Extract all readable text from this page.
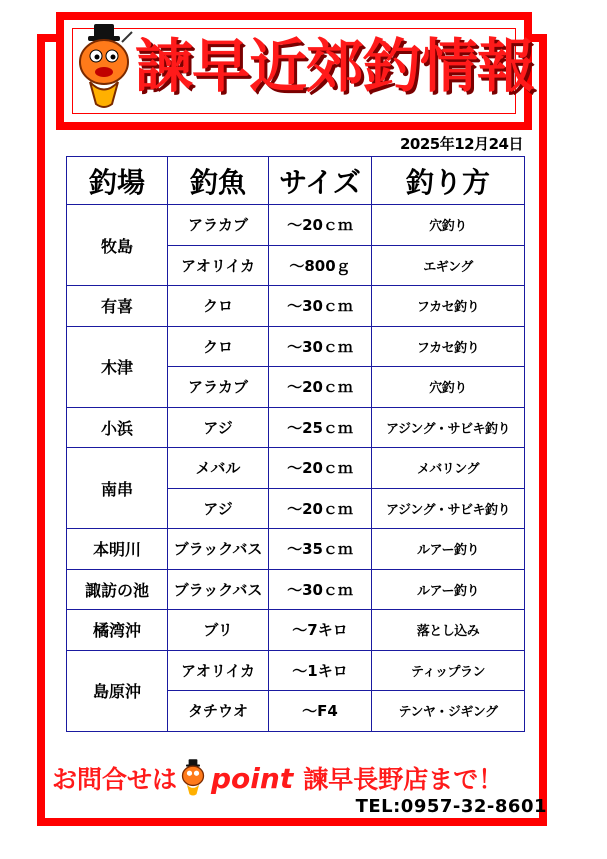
諫早近郊釣情報
2025年12月24日
釣場	釣魚	サイズ	釣り方
牧島	アラカブ	～20ｃｍ	穴釣り
	アオリイカ	～800ｇ	エギング
有喜	クロ	～30ｃｍ	フカセ釣り
木津	クロ	～30ｃｍ	フカセ釣り
	アラカブ	～20ｃｍ	穴釣り
小浜	アジ	～25ｃｍ	アジング・サビキ釣り
南串	メバル	～20ｃｍ	メバリング
	アジ	～20ｃｍ	アジング・サビキ釣り
本明川	ブラックバス	～35ｃｍ	ルアー釣り
諏訪の池	ブラックバス	～30ｃｍ	ルアー釣り
橘湾沖	ブリ	～7キロ	落とし込み
島原沖	アオリイカ	～1キロ	ティップラン
	タチウオ	～F4	テンヤ・ジギング
お問合せは point 諫早長野店まで！
TEL:0957-32-8601
